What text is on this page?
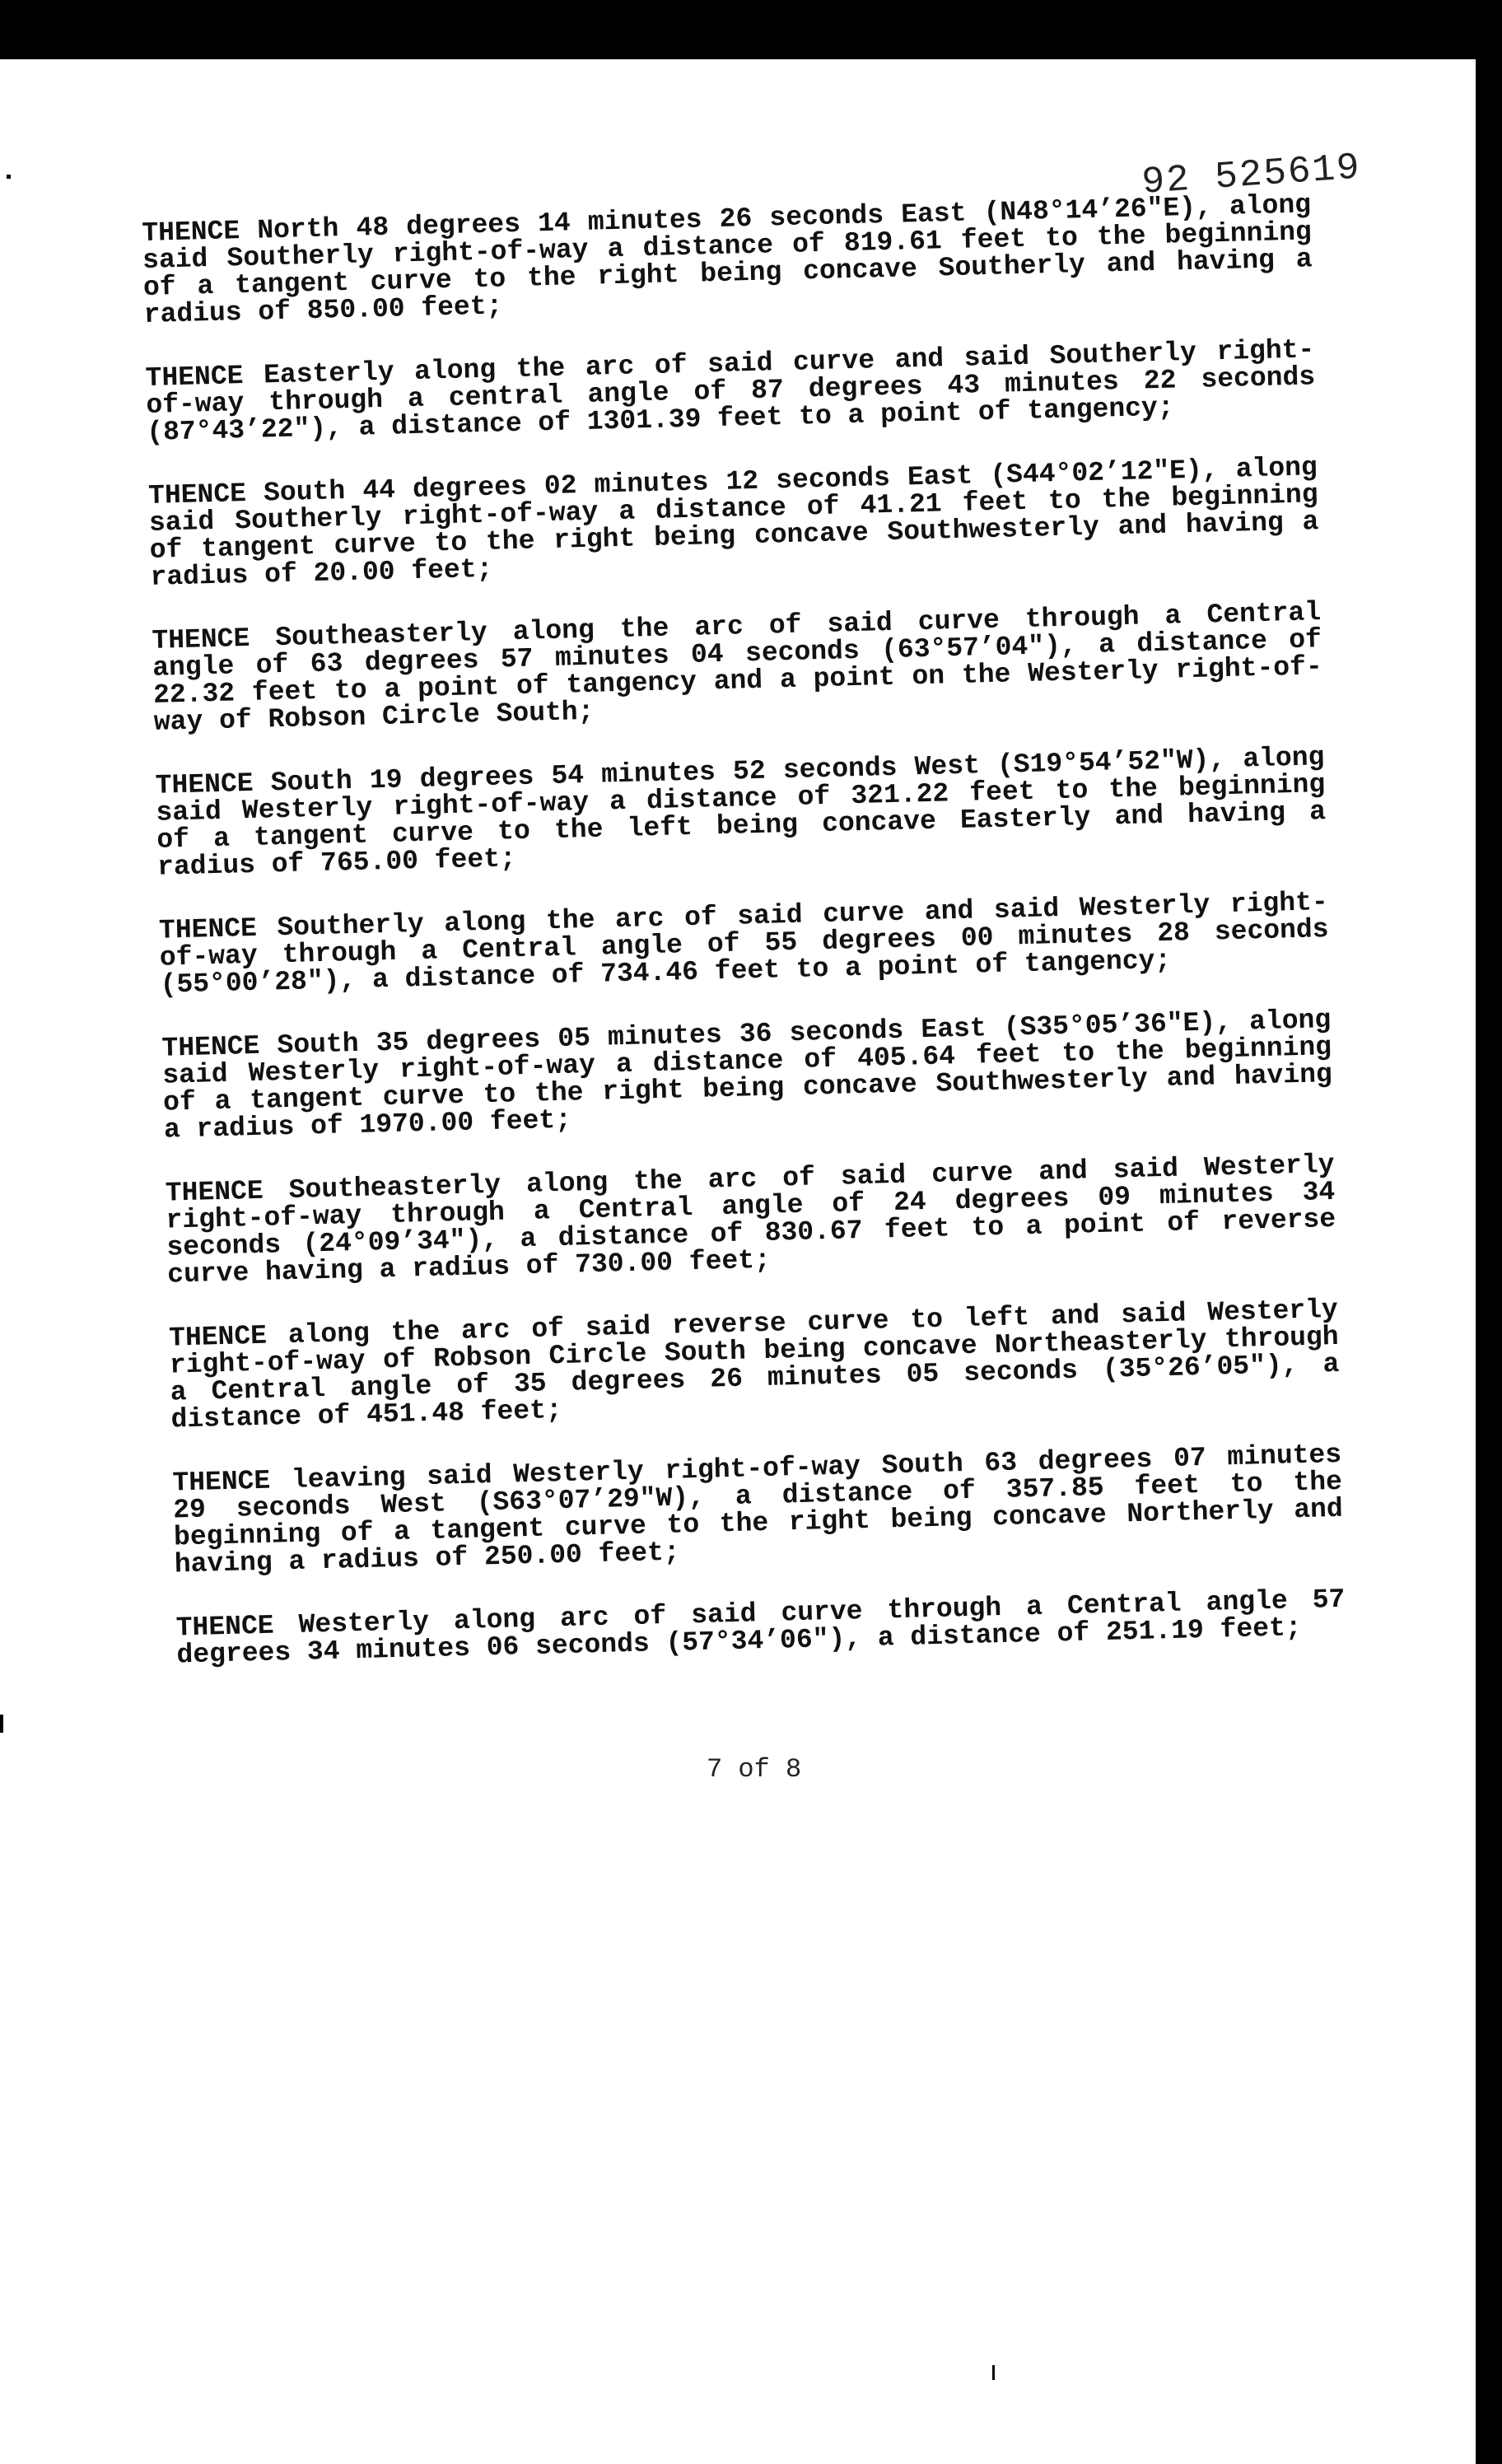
92 525619

THENCE North 48 degrees 14 minutes 26 seconds East (N48°14’26"E), along said Southerly right-of-way a distance of 819.61 feet to the beginning of a tangent curve to the right being concave Southerly and having a radius of 850.00 feet;

THENCE Easterly along the arc of said curve and said Southerly right-of-way through a central angle of 87 degrees 43 minutes 22 seconds (87°43’22"), a distance of 1301.39 feet to a point of tangency;

THENCE South 44 degrees 02 minutes 12 seconds East (S44°02’12"E), along said Southerly right-of-way a distance of 41.21 feet to the beginning of tangent curve to the right being concave Southwesterly and having a radius of 20.00 feet;

THENCE Southeasterly along the arc of said curve through a Central angle of 63 degrees 57 minutes 04 seconds (63°57’04"), a distance of 22.32 feet to a point of tangency and a point on the Westerly right-of-way of Robson Circle South;

THENCE South 19 degrees 54 minutes 52 seconds West (S19°54’52"W), along said Westerly right-of-way a distance of 321.22 feet to the beginning of a tangent curve to the left being concave Easterly and having a radius of 765.00 feet;

THENCE Southerly along the arc of said curve and said Westerly right-of-way through a Central angle of 55 degrees 00 minutes 28 seconds (55°00’28"), a distance of 734.46 feet to a point of tangency;

THENCE South 35 degrees 05 minutes 36 seconds East (S35°05’36"E), along said Westerly right-of-way a distance of 405.64 feet to the beginning of a tangent curve to the right being concave Southwesterly and having a radius of 1970.00 feet;

THENCE Southeasterly along the arc of said curve and said Westerly right-of-way through a Central angle of 24 degrees 09 minutes 34 seconds (24°09’34"), a distance of 830.67 feet to a point of reverse curve having a radius of 730.00 feet;

THENCE along the arc of said reverse curve to left and said Westerly right-of-way of Robson Circle South being concave Northeasterly through a Central angle of 35 degrees 26 minutes 05 seconds (35°26’05"), a distance of 451.48 feet;

THENCE leaving said Westerly right-of-way South 63 degrees 07 minutes 29 seconds West (S63°07’29"W), a distance of 357.85 feet to the beginning of a tangent curve to the right being concave Northerly and having a radius of 250.00 feet;

THENCE Westerly along arc of said curve through a Central angle 57 degrees 34 minutes 06 seconds (57°34’06"), a distance of 251.19 feet;

7 of 8
